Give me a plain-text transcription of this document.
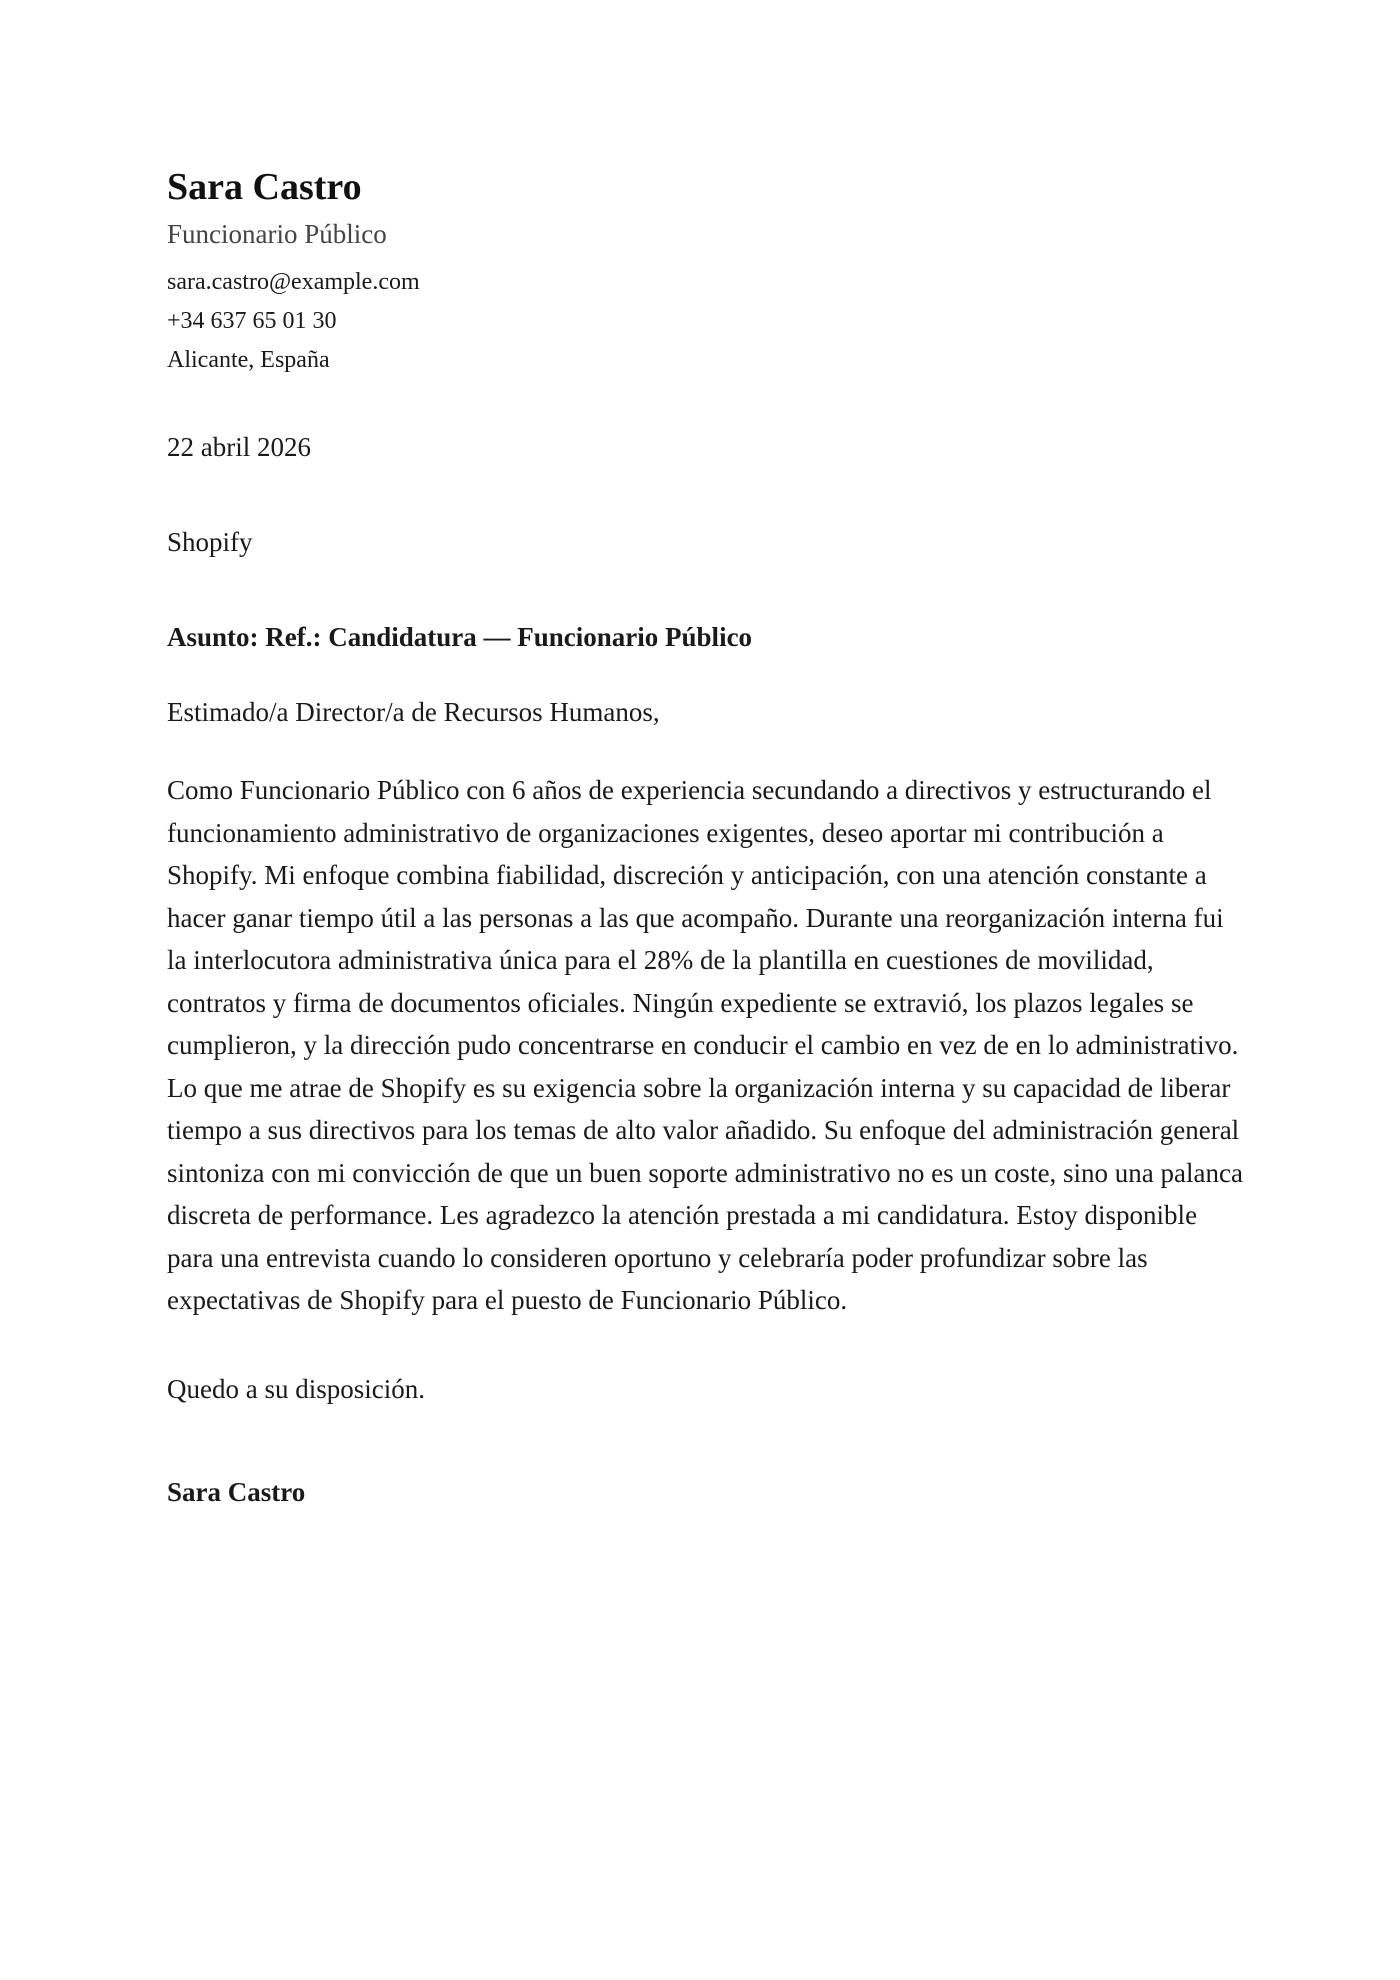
Sara Castro
Funcionario Público
sara.castro@example.com
+34 637 65 01 30
Alicante, España
22 abril 2026
Shopify
Asunto: Ref.: Candidatura — Funcionario Público
Estimado/a Director/a de Recursos Humanos,
Como Funcionario Público con 6 años de experiencia secundando a directivos y estructurando el funcionamiento administrativo de organizaciones exigentes, deseo aportar mi contribución a Shopify. Mi enfoque combina fiabilidad, discreción y anticipación, con una atención constante a hacer ganar tiempo útil a las personas a las que acompaño. Durante una reorganización interna fui la interlocutora administrativa única para el 28% de la plantilla en cuestiones de movilidad, contratos y firma de documentos oficiales. Ningún expediente se extravió, los plazos legales se cumplieron, y la dirección pudo concentrarse en conducir el cambio en vez de en lo administrativo. Lo que me atrae de Shopify es su exigencia sobre la organización interna y su capacidad de liberar tiempo a sus directivos para los temas de alto valor añadido. Su enfoque del administración general sintoniza con mi convicción de que un buen soporte administrativo no es un coste, sino una palanca discreta de performance. Les agradezco la atención prestada a mi candidatura. Estoy disponible para una entrevista cuando lo consideren oportuno y celebraría poder profundizar sobre las expectativas de Shopify para el puesto de Funcionario Público.
Quedo a su disposición.
Sara Castro
